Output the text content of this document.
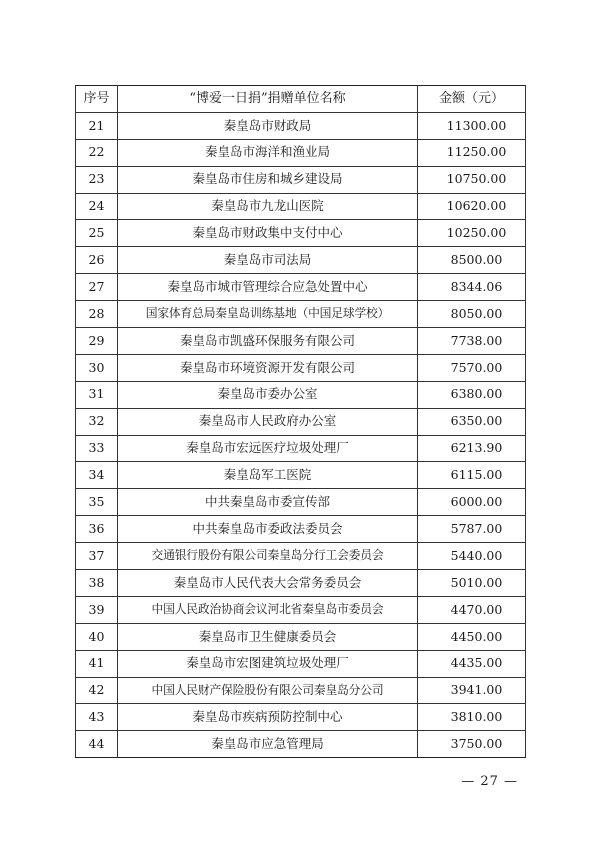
序号	“博爱一日捐”捐赠单位名称	金额（元）
21	秦皇岛市财政局	11300.00
22	秦皇岛市海洋和渔业局	11250.00
23	秦皇岛市住房和城乡建设局	10750.00
24	秦皇岛市九龙山医院	10620.00
25	秦皇岛市财政集中支付中心	10250.00
26	秦皇岛市司法局	8500.00
27	秦皇岛市城市管理综合应急处置中心	8344.06
28	国家体育总局秦皇岛训练基地（中国足球学校）	8050.00
29	秦皇岛市凯盛环保服务有限公司	7738.00
30	秦皇岛市环境资源开发有限公司	7570.00
31	秦皇岛市委办公室	6380.00
32	秦皇岛市人民政府办公室	6350.00
33	秦皇岛市宏远医疗垃圾处理厂	6213.90
34	秦皇岛军工医院	6115.00
35	中共秦皇岛市委宣传部	6000.00
36	中共秦皇岛市委政法委员会	5787.00
37	交通银行股份有限公司秦皇岛分行工会委员会	5440.00
38	秦皇岛市人民代表大会常务委员会	5010.00
39	中国人民政治协商会议河北省秦皇岛市委员会	4470.00
40	秦皇岛市卫生健康委员会	4450.00
41	秦皇岛市宏图建筑垃圾处理厂	4435.00
42	中国人民财产保险股份有限公司秦皇岛分公司	3941.00
43	秦皇岛市疾病预防控制中心	3810.00
44	秦皇岛市应急管理局	3750.00
— 27 —
